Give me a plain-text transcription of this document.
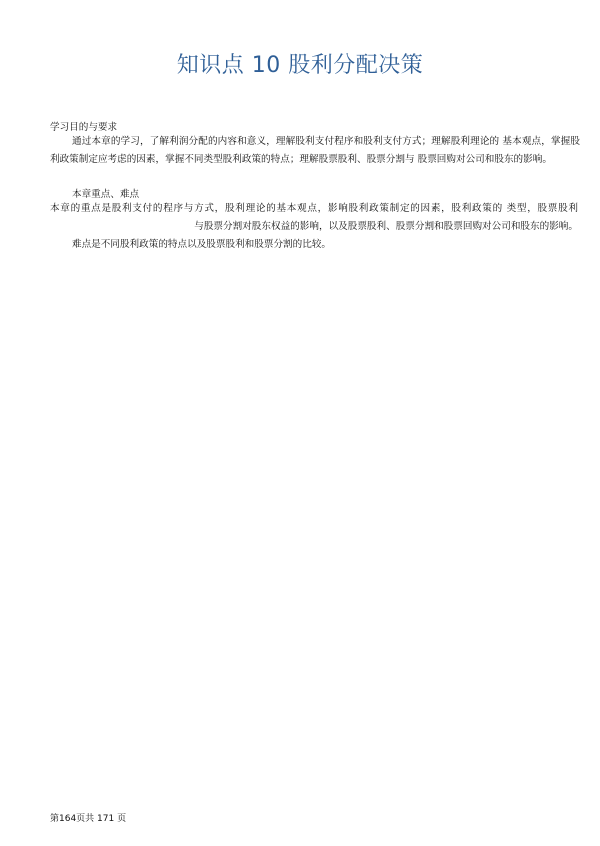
知识点 10 股利分配决策
学习目的与要求
通过本章的学习，了解利润分配的内容和意义，理解股利支付程序和股利支付方式；理解股利理论的 基本观点，掌握股利政策制定应考虑的因素，掌握不同类型股利政策的特点；理解股票股利、股票分割与 股票回购对公司和股东的影响。
本章重点、难点
本章的重点是股利支付的程序与方式，股利理论的基本观点，影响股利政策制定的因素，股利政策的 类型，股票股利
与股票分割对股东权益的影响，以及股票股利、股票分割和股票回购对公司和股东的影响。
难点是不同股利政策的特点以及股票股利和股票分割的比较。
第164页共 171 页
